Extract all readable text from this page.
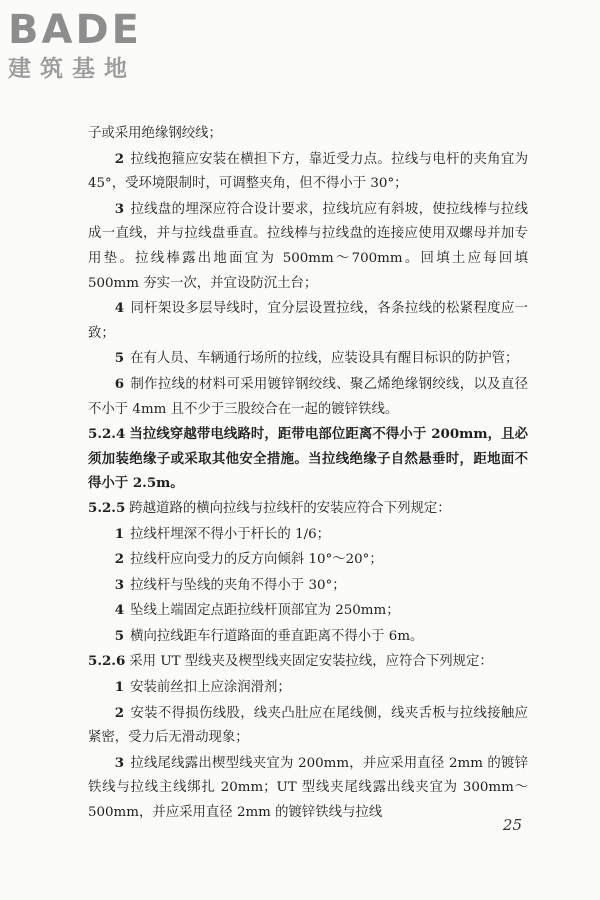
BADE
建筑基地

子或采用绝缘钢绞线；

2 拉线抱箍应安装在横担下方，靠近受力点。拉线与电杆的夹角宜为 45°，受环境限制时，可调整夹角，但不得小于 30°；

3 拉线盘的埋深应符合设计要求，拉线坑应有斜坡，使拉线棒与拉线成一直线，并与拉线盘垂直。拉线棒与拉线盘的连接应使用双螺母并加专用垫。拉线棒露出地面宜为 500mm～700mm。回填土应每回填 500mm 夯实一次，并宜设防沉土台；

4 同杆架设多层导线时，宜分层设置拉线，各条拉线的松紧程度应一致；

5 在有人员、车辆通行场所的拉线，应装设具有醒目标识的防护管；

6 制作拉线的材料可采用镀锌钢绞线、聚乙烯绝缘钢绞线，以及直径不小于 4mm 且不少于三股绞合在一起的镀锌铁线。

5.2.4 当拉线穿越带电线路时，距带电部位距离不得小于 200mm，且必须加装绝缘子或采取其他安全措施。当拉线绝缘子自然悬垂时，距地面不得小于 2.5m。

5.2.5 跨越道路的横向拉线与拉线杆的安装应符合下列规定：

1 拉线杆埋深不得小于杆长的 1/6；

2 拉线杆应向受力的反方向倾斜 10°～20°；

3 拉线杆与坠线的夹角不得小于 30°；

4 坠线上端固定点距拉线杆顶部宜为 250mm；

5 横向拉线距车行道路面的垂直距离不得小于 6m。

5.2.6 采用 UT 型线夹及楔型线夹固定安装拉线，应符合下列规定：

1 安装前丝扣上应涂润滑剂；

2 安装不得损伤线股，线夹凸肚应在尾线侧，线夹舌板与拉线接触应紧密，受力后无滑动现象；

3 拉线尾线露出楔型线夹宜为 200mm，并应采用直径 2mm 的镀锌铁线与拉线主线绑扎 20mm；UT 型线夹尾线露出线夹宜为 300mm～500mm，并应采用直径 2mm 的镀锌铁线与拉线

25
